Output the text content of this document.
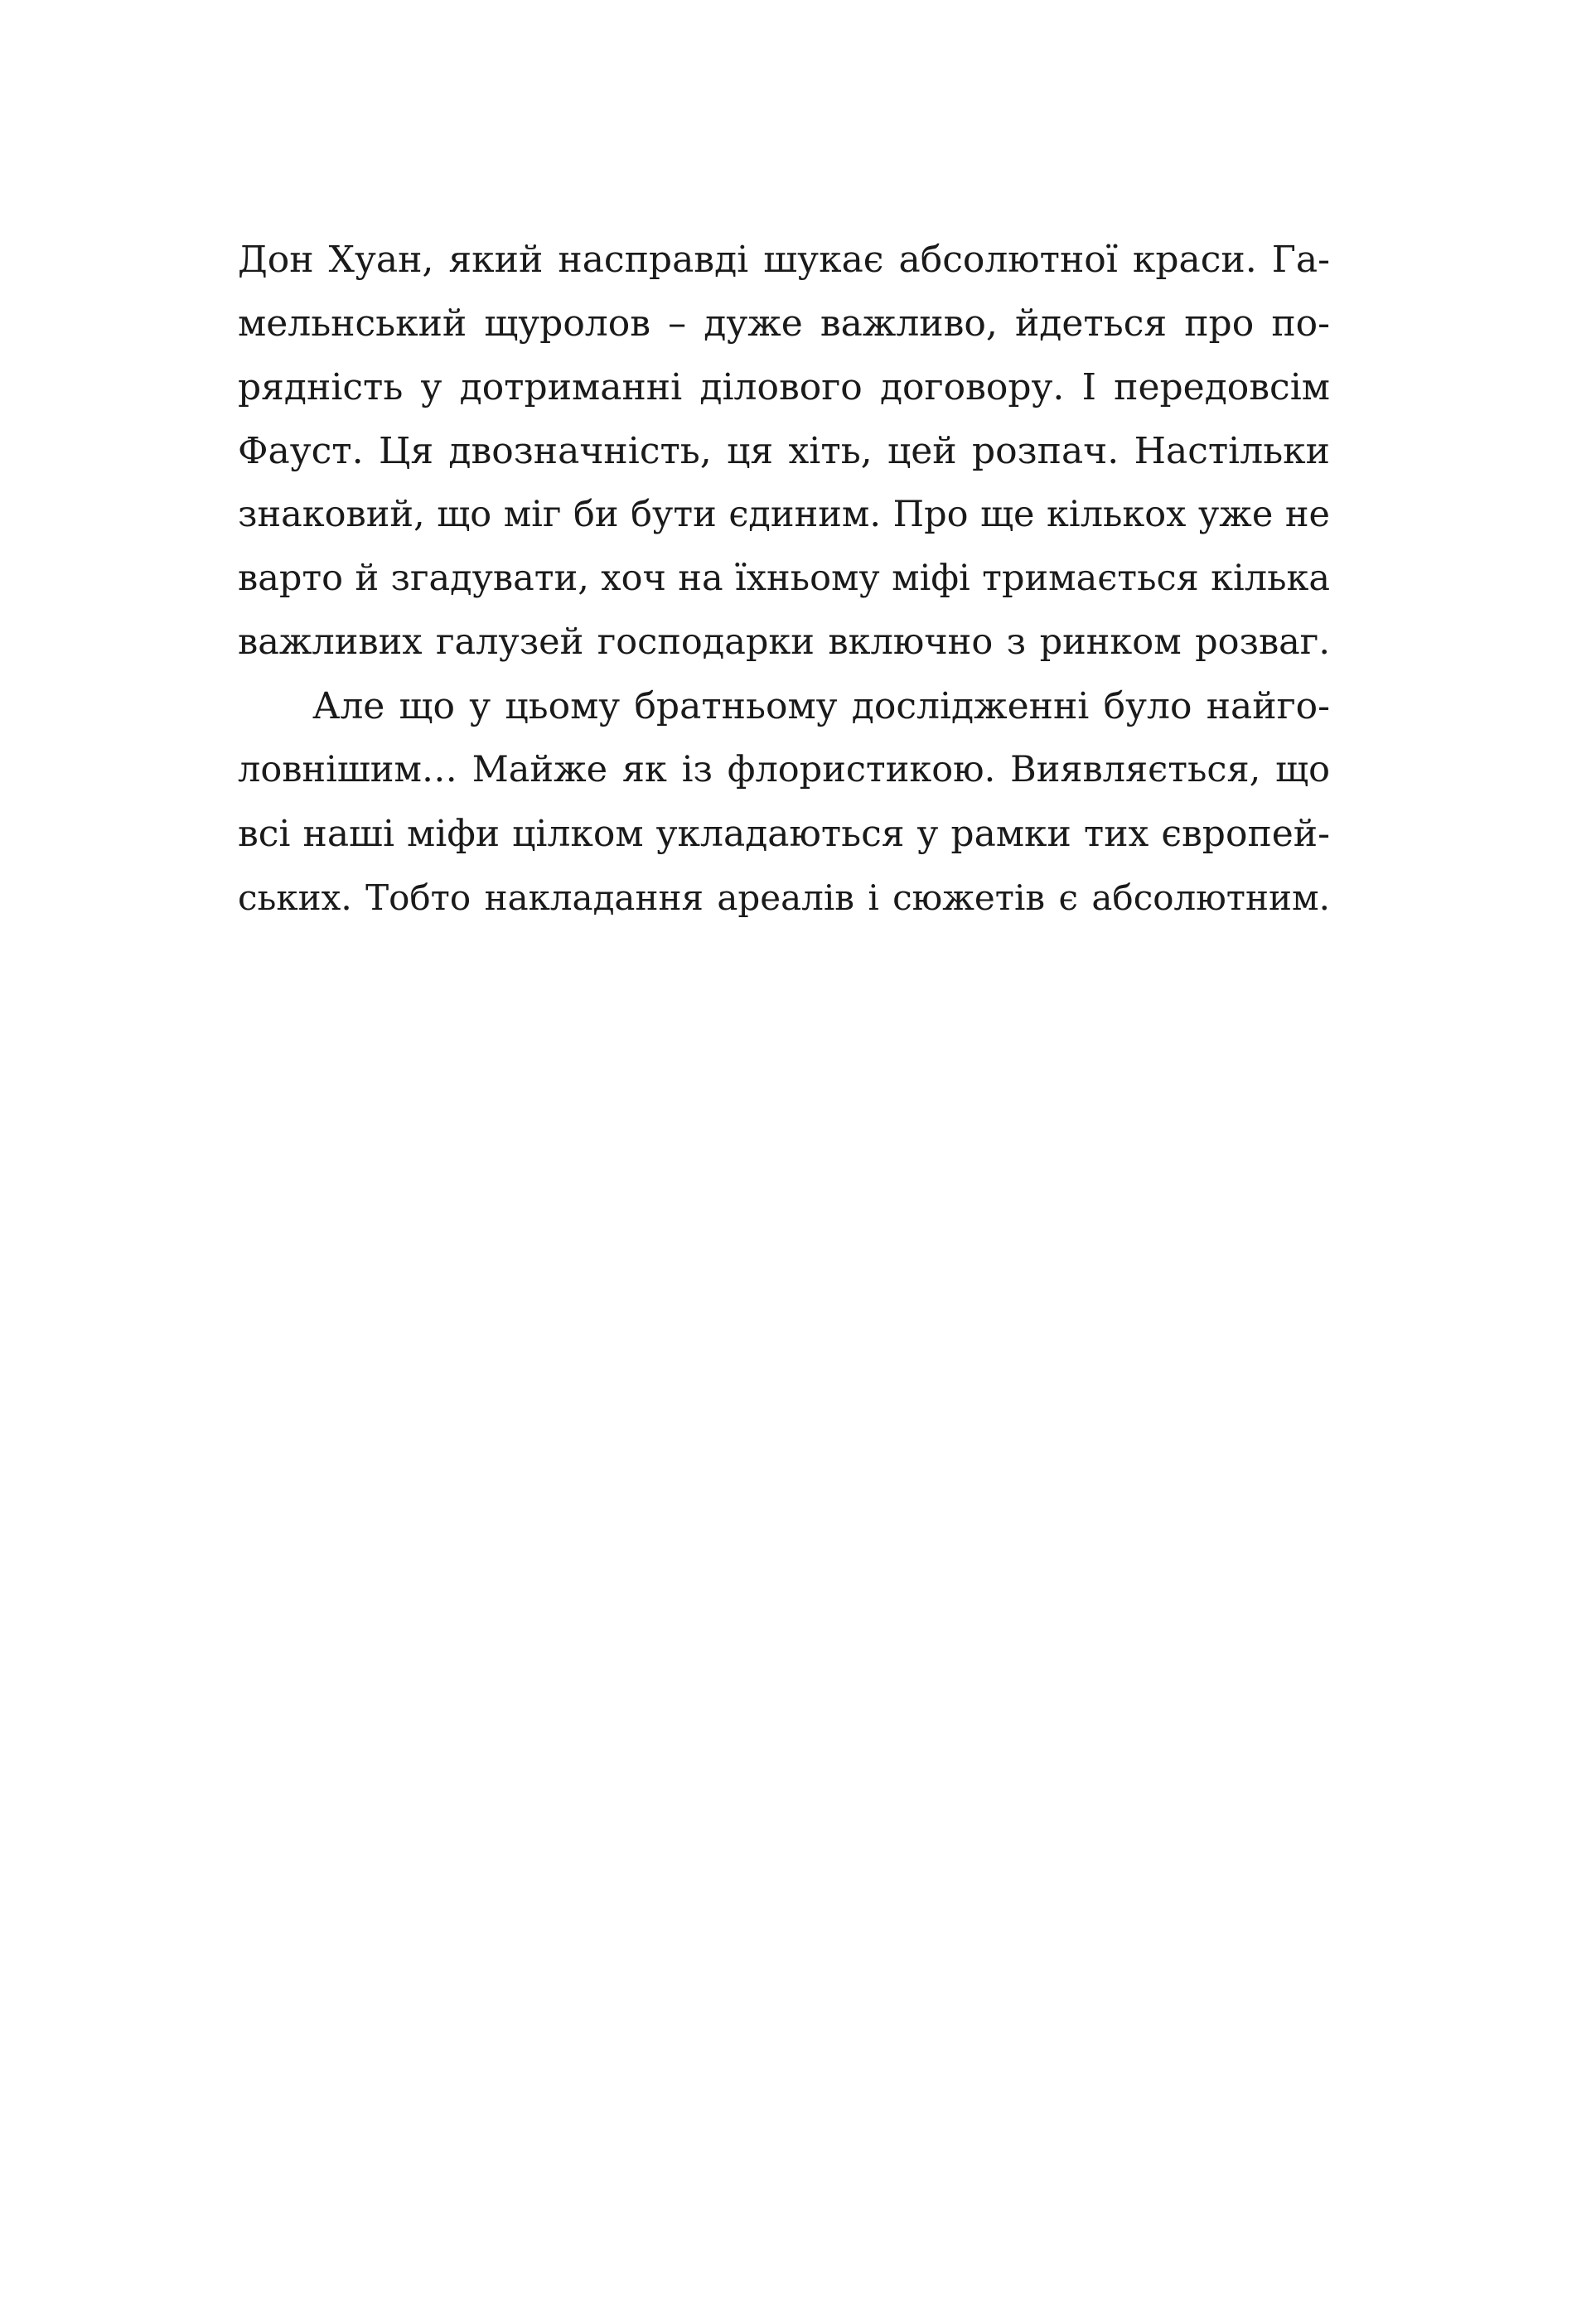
Дон Хуан, який насправді шукає абсолютної краси. Га-
мельнський щуролов – дуже важливо, йдеться про по-
рядність у дотриманні ділового договору. І передовсім
Фауст. Ця двозначність, ця хіть, цей розпач. Настільки
знаковий, що міг би бути єдиним. Про ще кількох уже не
варто й згадувати, хоч на їхньому міфі тримається кілька
важливих галузей господарки включно з ринком розваг.
Але що у цьому братньому дослідженні було найго-
ловнішим… Майже як із флористикою. Виявляється, що
всі наші міфи цілком укладаються у рамки тих європей-
ських. Тобто накладання ареалів і сюжетів є абсолютним.
